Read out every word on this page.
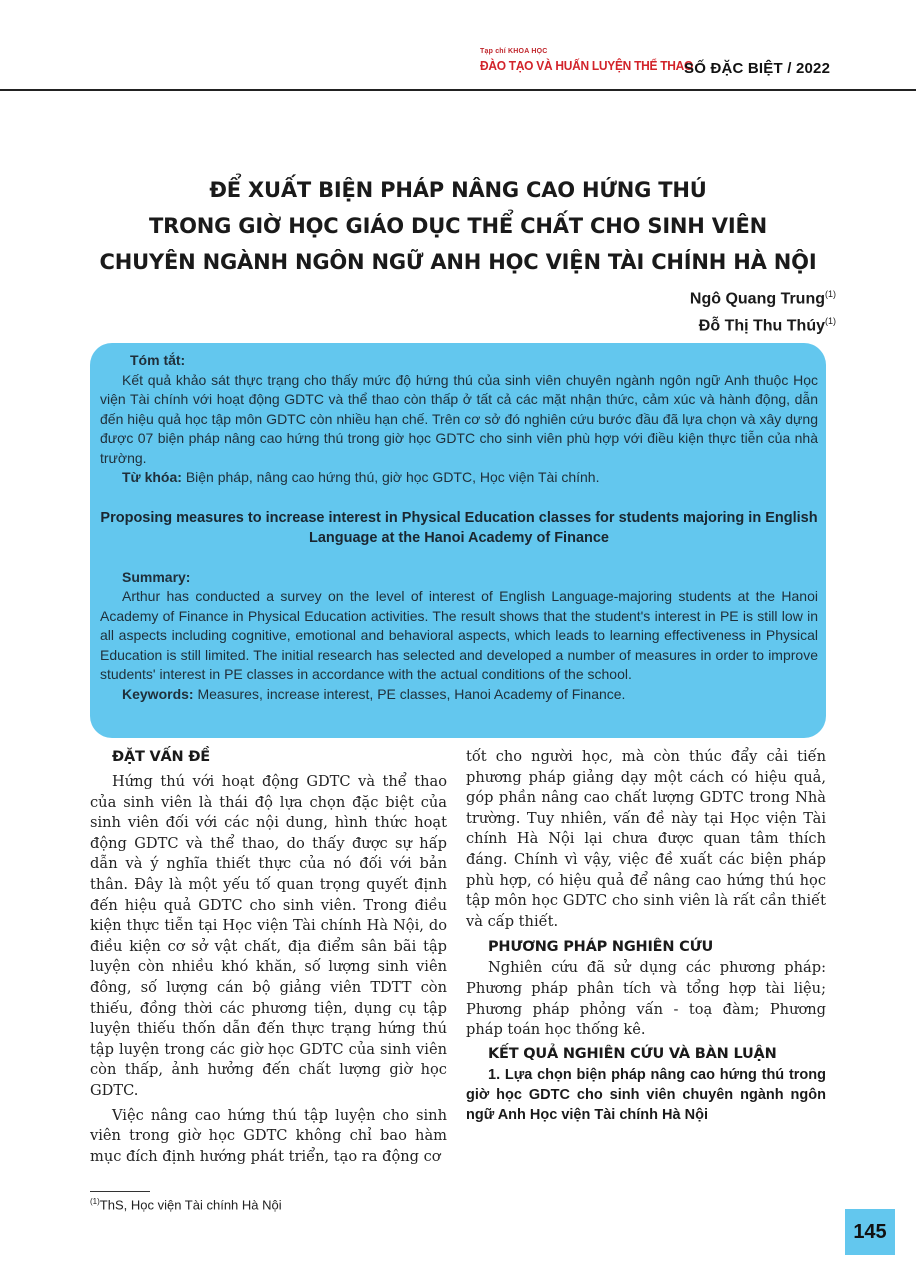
Tạp chí KHOA HỌC
ĐÀO TẠO VÀ HUẤN LUYỆN THỂ THAO
SỐ ĐẶC BIỆT / 2022
ĐỂ XUẤT BIỆN PHÁP NÂNG CAO HỨNG THÚ
TRONG GIỜ HỌC GIÁO DỤC THỂ CHẤT CHO SINH VIÊN
CHUYÊN NGÀNH NGÔN NGỮ ANH HỌC VIỆN TÀI CHÍNH HÀ NỘI
Ngô Quang Trung$^{(1)}$
Đỗ Thị Thu Thúy$^{(1)}$

Tóm tắt:

Kết quả khảo sát thực trạng cho thấy mức độ hứng thú của sinh viên chuyên ngành ngôn ngữ Anh thuộc Học viện Tài chính với hoạt động GDTC và thể thao còn thấp ở tất cả các mặt nhận thức, cảm xúc và hành động, dẫn đến hiệu quả học tập môn GDTC còn nhiều hạn chế. Trên cơ sở đó nghiên cứu bước đầu đã lựa chọn và xây dựng được 07 biện pháp nâng cao hứng thú trong giờ học GDTC cho sinh viên phù hợp với điều kiện thực tiễn của nhà trường.

Từ khóa: Biện pháp, nâng cao hứng thú, giờ học GDTC, Học viện Tài chính.

Proposing measures to increase interest in Physical Education classes for students majoring in English Language at the Hanoi Academy of Finance

Summary:

Arthur has conducted a survey on the level of interest of English Language-majoring students at the Hanoi Academy of Finance in Physical Education activities. The result shows that the student's interest in PE is still low in all aspects including cognitive, emotional and behavioral aspects, which leads to learning effectiveness in Physical Education is still limited. The initial research has selected and developed a number of measures in order to improve students' interest in PE classes in accordance with the actual conditions of the school.

Keywords: Measures, increase interest, PE classes, Hanoi Academy of Finance.

ĐẶT VẤN ĐỀ

Hứng thú với hoạt động GDTC và thể thao của sinh viên là thái độ lựa chọn đặc biệt của sinh viên đối với các nội dung, hình thức hoạt động GDTC và thể thao, do thấy được sự hấp dẫn và ý nghĩa thiết thực của nó đối với bản thân. Đây là một yếu tố quan trọng quyết định đến hiệu quả GDTC cho sinh viên. Trong điều kiện thực tiễn tại Học viện Tài chính Hà Nội, do điều kiện cơ sở vật chất, địa điểm sân bãi tập luyện còn nhiều khó khăn, số lượng sinh viên đông, số lượng cán bộ giảng viên TDTT còn thiếu, đồng thời các phương tiện, dụng cụ tập luyện thiếu thốn dẫn đến thực trạng hứng thú tập luyện trong các giờ học GDTC của sinh viên còn thấp, ảnh hưởng đến chất lượng giờ học GDTC.

Việc nâng cao hứng thú tập luyện cho sinh viên trong giờ học GDTC không chỉ bao hàm mục đích định hướng phát triển, tạo ra động cơ

tốt cho người học, mà còn thúc đẩy cải tiến phương pháp giảng dạy một cách có hiệu quả, góp phần nâng cao chất lượng GDTC trong Nhà trường. Tuy nhiên, vấn đề này tại Học viện Tài chính Hà Nội lại chưa được quan tâm thích đáng. Chính vì vậy, việc đề xuất các biện pháp phù hợp, có hiệu quả để nâng cao hứng thú học tập môn học GDTC cho sinh viên là rất cần thiết và cấp thiết.

PHƯƠNG PHÁP NGHIÊN CỨU

Nghiên cứu đã sử dụng các phương pháp: Phương pháp phân tích và tổng hợp tài liệu; Phương pháp phỏng vấn - toạ đàm; Phương pháp toán học thống kê.

KẾT QUẢ NGHIÊN CỨU VÀ BÀN LUẬN

1. Lựa chọn biện pháp nâng cao hứng thú trong giờ học GDTC cho sinh viên chuyên ngành ngôn ngữ Anh Học viện Tài chính Hà Nội

$^{(1)}$ThS, Học viện Tài chính Hà Nội
145
